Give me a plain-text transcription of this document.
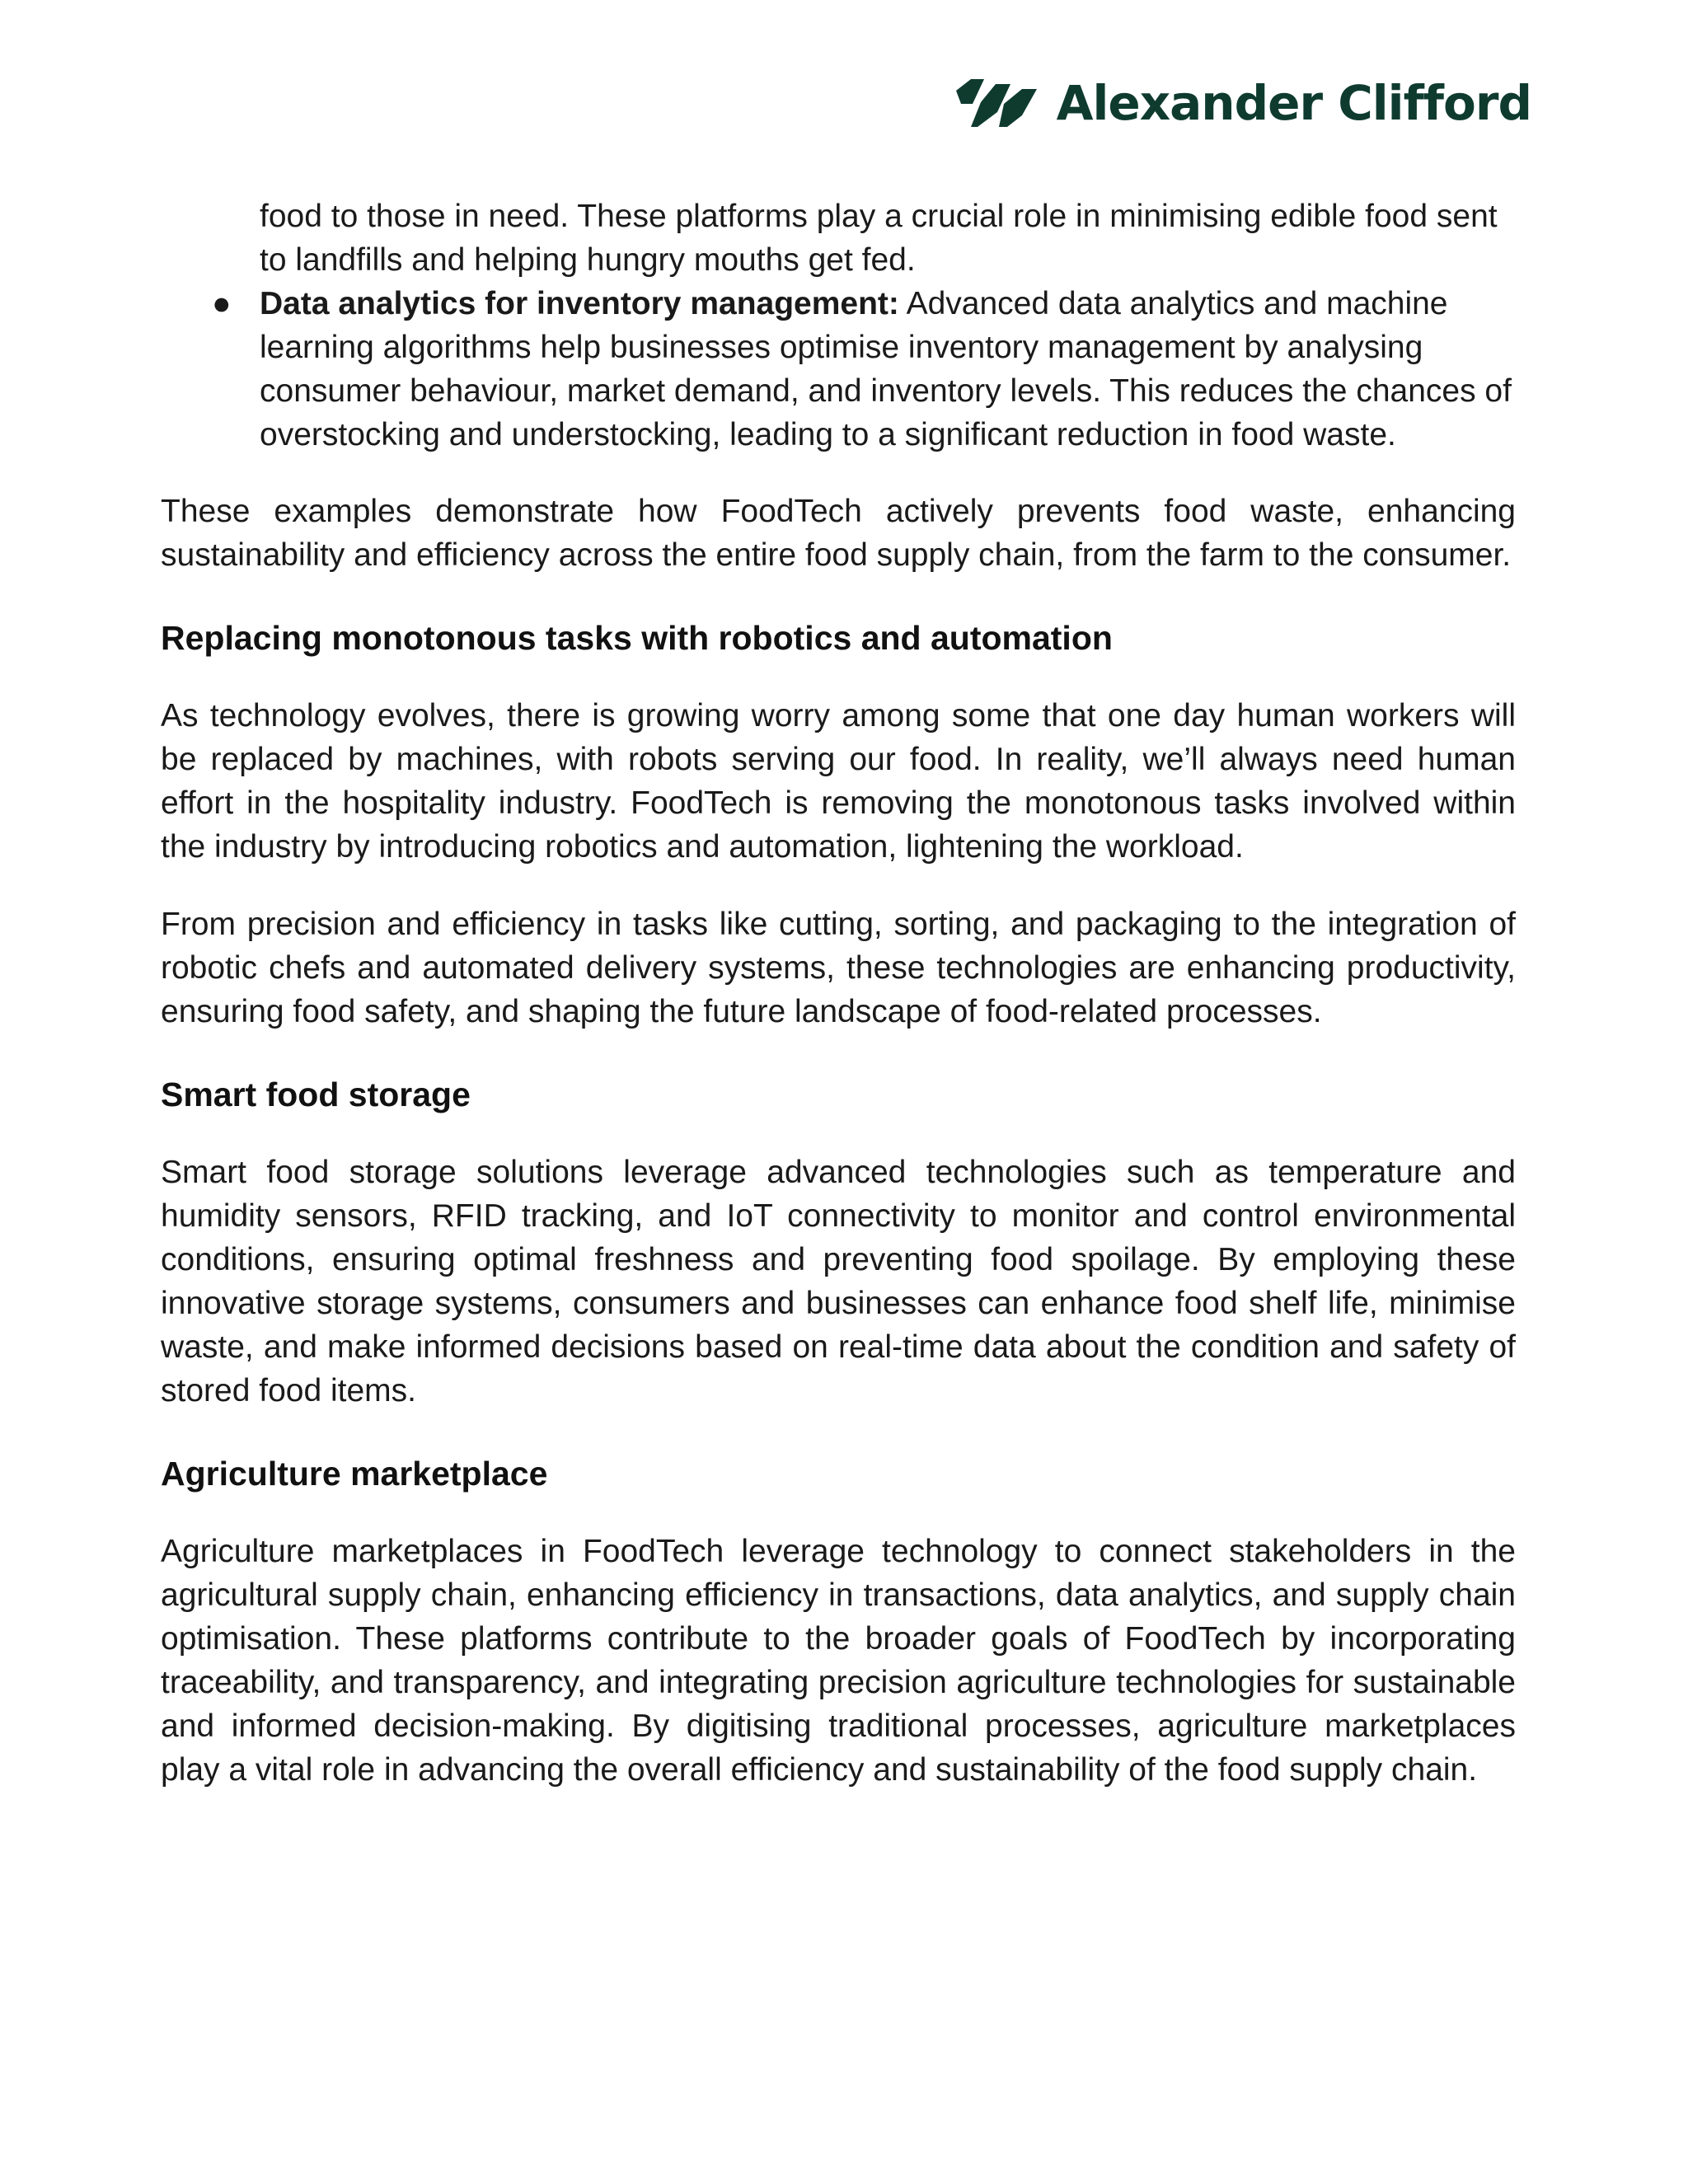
Alexander Clifford
food to those in need. These platforms play a crucial role in minimising edible food sent to landfills and helping hungry mouths get fed.
● Data analytics for inventory management: Advanced data analytics and machine learning algorithms help businesses optimise inventory management by analysing consumer behaviour, market demand, and inventory levels. This reduces the chances of overstocking and understocking, leading to a significant reduction in food waste.

These examples demonstrate how FoodTech actively prevents food waste, enhancing sustainability and efficiency across the entire food supply chain, from the farm to the consumer.

Replacing monotonous tasks with robotics and automation

As technology evolves, there is growing worry among some that one day human workers will be replaced by machines, with robots serving our food. In reality, we’ll always need human effort in the hospitality industry. FoodTech is removing the monotonous tasks involved within the industry by introducing robotics and automation, lightening the workload.

From precision and efficiency in tasks like cutting, sorting, and packaging to the integration of robotic chefs and automated delivery systems, these technologies are enhancing productivity, ensuring food safety, and shaping the future landscape of food-related processes.

Smart food storage

Smart food storage solutions leverage advanced technologies such as temperature and humidity sensors, RFID tracking, and IoT connectivity to monitor and control environmental conditions, ensuring optimal freshness and preventing food spoilage. By employing these innovative storage systems, consumers and businesses can enhance food shelf life, minimise waste, and make informed decisions based on real-time data about the condition and safety of stored food items.

Agriculture marketplace

Agriculture marketplaces in FoodTech leverage technology to connect stakeholders in the agricultural supply chain, enhancing efficiency in transactions, data analytics, and supply chain optimisation. These platforms contribute to the broader goals of FoodTech by incorporating traceability, and transparency, and integrating precision agriculture technologies for sustainable and informed decision-making. By digitising traditional processes, agriculture marketplaces play a vital role in advancing the overall efficiency and sustainability of the food supply chain.
